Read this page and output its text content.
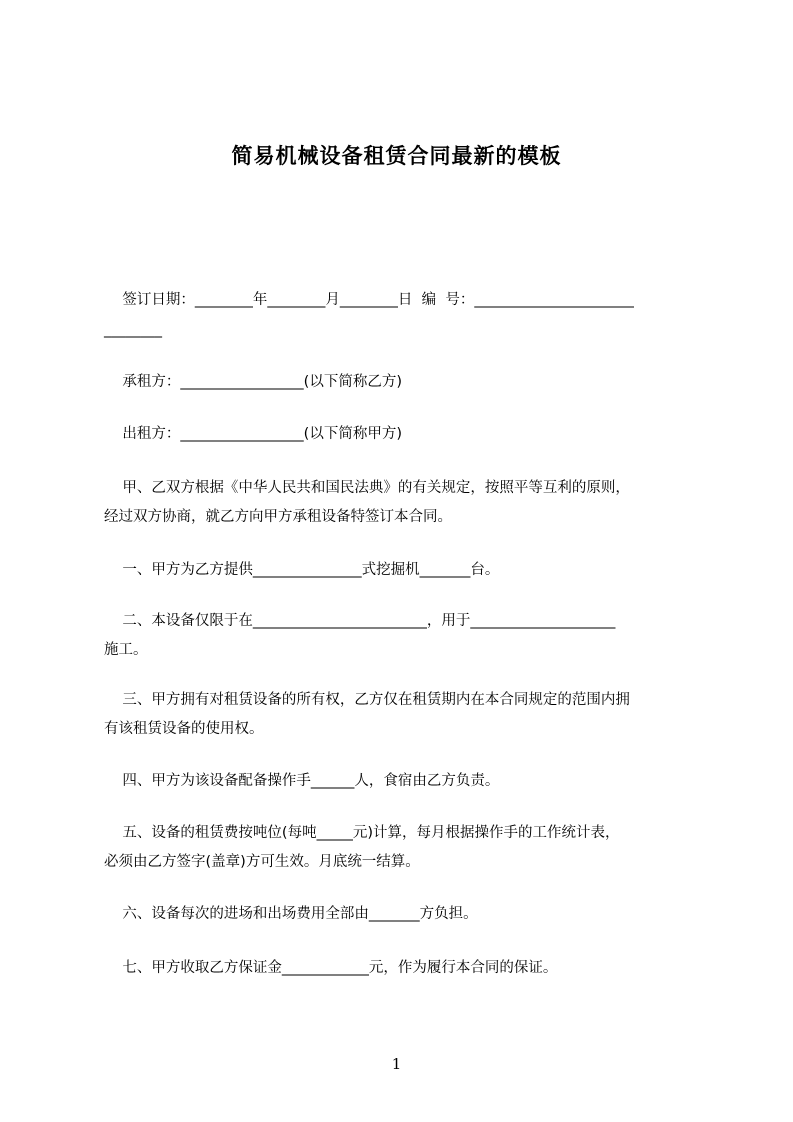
简易机械设备租赁合同最新的模板
签订日期：________年________月________日  编  号：______________________
________
承租方：_________________(以下简称乙方)
出租方：_________________(以下简称甲方)
甲、乙双方根据《中华人民共和国民法典》的有关规定，按照平等互利的原则，
经过双方协商，就乙方向甲方承租设备特签订本合同。
一、甲方为乙方提供_______________式挖掘机_______台。
二、本设备仅限于在________________________，用于____________________
施工。
三、甲方拥有对租赁设备的所有权，乙方仅在租赁期内在本合同规定的范围内拥
有该租赁设备的使用权。
四、甲方为该设备配备操作手______人，食宿由乙方负责。
五、设备的租赁费按吨位(每吨_____元)计算，每月根据操作手的工作统计表，
必须由乙方签字(盖章)方可生效。月底统一结算。
六、设备每次的进场和出场费用全部由_______方负担。
七、甲方收取乙方保证金____________元，作为履行本合同的保证。
1
